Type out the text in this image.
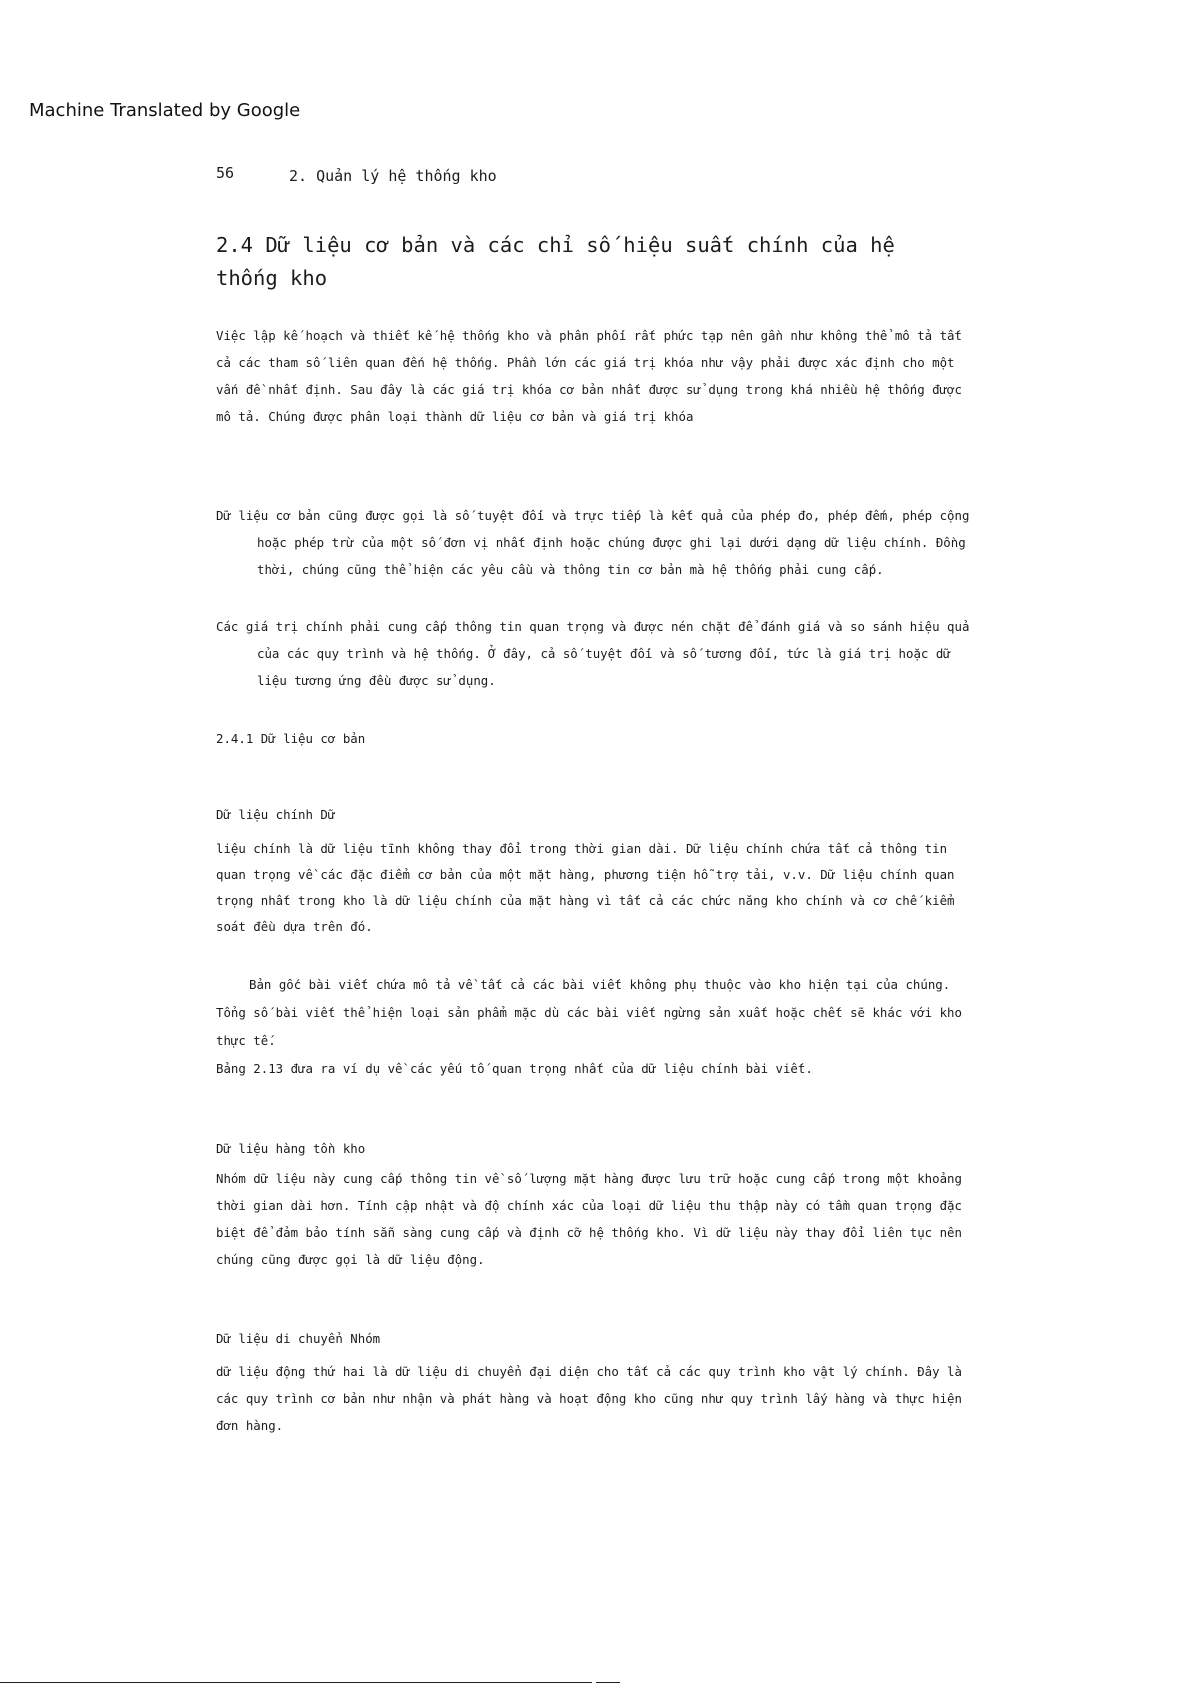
Machine Translated by Google
56	2. Quản lý hệ thống kho
2.4 Dữ liệu cơ bản và các chỉ số hiệu suất chính của hệ
thống kho

Việc lập kế hoạch và thiết kế hệ thống kho và phân phối rất phức tạp nên gần như không thể mô tả tất
cả các tham số liên quan đến hệ thống. Phần lớn các giá trị khóa như vậy phải được xác định cho một
vấn đề nhất định. Sau đây là các giá trị khóa cơ bản nhất được sử dụng trong khá nhiều hệ thống được
mô tả. Chúng được phân loại thành dữ liệu cơ bản và giá trị khóa

Dữ liệu cơ bản cũng được gọi là số tuyệt đối và trực tiếp là kết quả của phép đo, phép đếm, phép cộng
hoặc phép trừ của một số đơn vị nhất định hoặc chúng được ghi lại dưới dạng dữ liệu chính. Đồng
thời, chúng cũng thể hiện các yêu cầu và thông tin cơ bản mà hệ thống phải cung cấp.

Các giá trị chính phải cung cấp thông tin quan trọng và được nén chặt để đánh giá và so sánh hiệu quả
của các quy trình và hệ thống. Ở đây, cả số tuyệt đối và số tương đối, tức là giá trị hoặc dữ
liệu tương ứng đều được sử dụng.

2.4.1 Dữ liệu cơ bản
Dữ liệu chính Dữ

liệu chính là dữ liệu tĩnh không thay đổi trong thời gian dài. Dữ liệu chính chứa tất cả thông tin
quan trọng về các đặc điểm cơ bản của một mặt hàng, phương tiện hỗ trợ tải, v.v. Dữ liệu chính quan
trọng nhất trong kho là dữ liệu chính của mặt hàng vì tất cả các chức năng kho chính và cơ chế kiểm
soát đều dựa trên đó.

Bản gốc bài viết chứa mô tả về tất cả các bài viết không phụ thuộc vào kho hiện tại của chúng.
Tổng số bài viết thể hiện loại sản phẩm mặc dù các bài viết ngừng sản xuất hoặc chết sẽ khác với kho
thực tế.
Bảng 2.13 đưa ra ví dụ về các yếu tố quan trọng nhất của dữ liệu chính bài viết.

Dữ liệu hàng tồn kho

Nhóm dữ liệu này cung cấp thông tin về số lượng mặt hàng được lưu trữ hoặc cung cấp trong một khoảng
thời gian dài hơn. Tính cập nhật và độ chính xác của loại dữ liệu thu thập này có tầm quan trọng đặc
biệt để đảm bảo tính sẵn sàng cung cấp và định cỡ hệ thống kho. Vì dữ liệu này thay đổi liên tục nên
chúng cũng được gọi là dữ liệu động.

Dữ liệu di chuyển Nhóm

dữ liệu động thứ hai là dữ liệu di chuyển đại diện cho tất cả các quy trình kho vật lý chính. Đây là
các quy trình cơ bản như nhận và phát hàng và hoạt động kho cũng như quy trình lấy hàng và thực hiện
đơn hàng.
